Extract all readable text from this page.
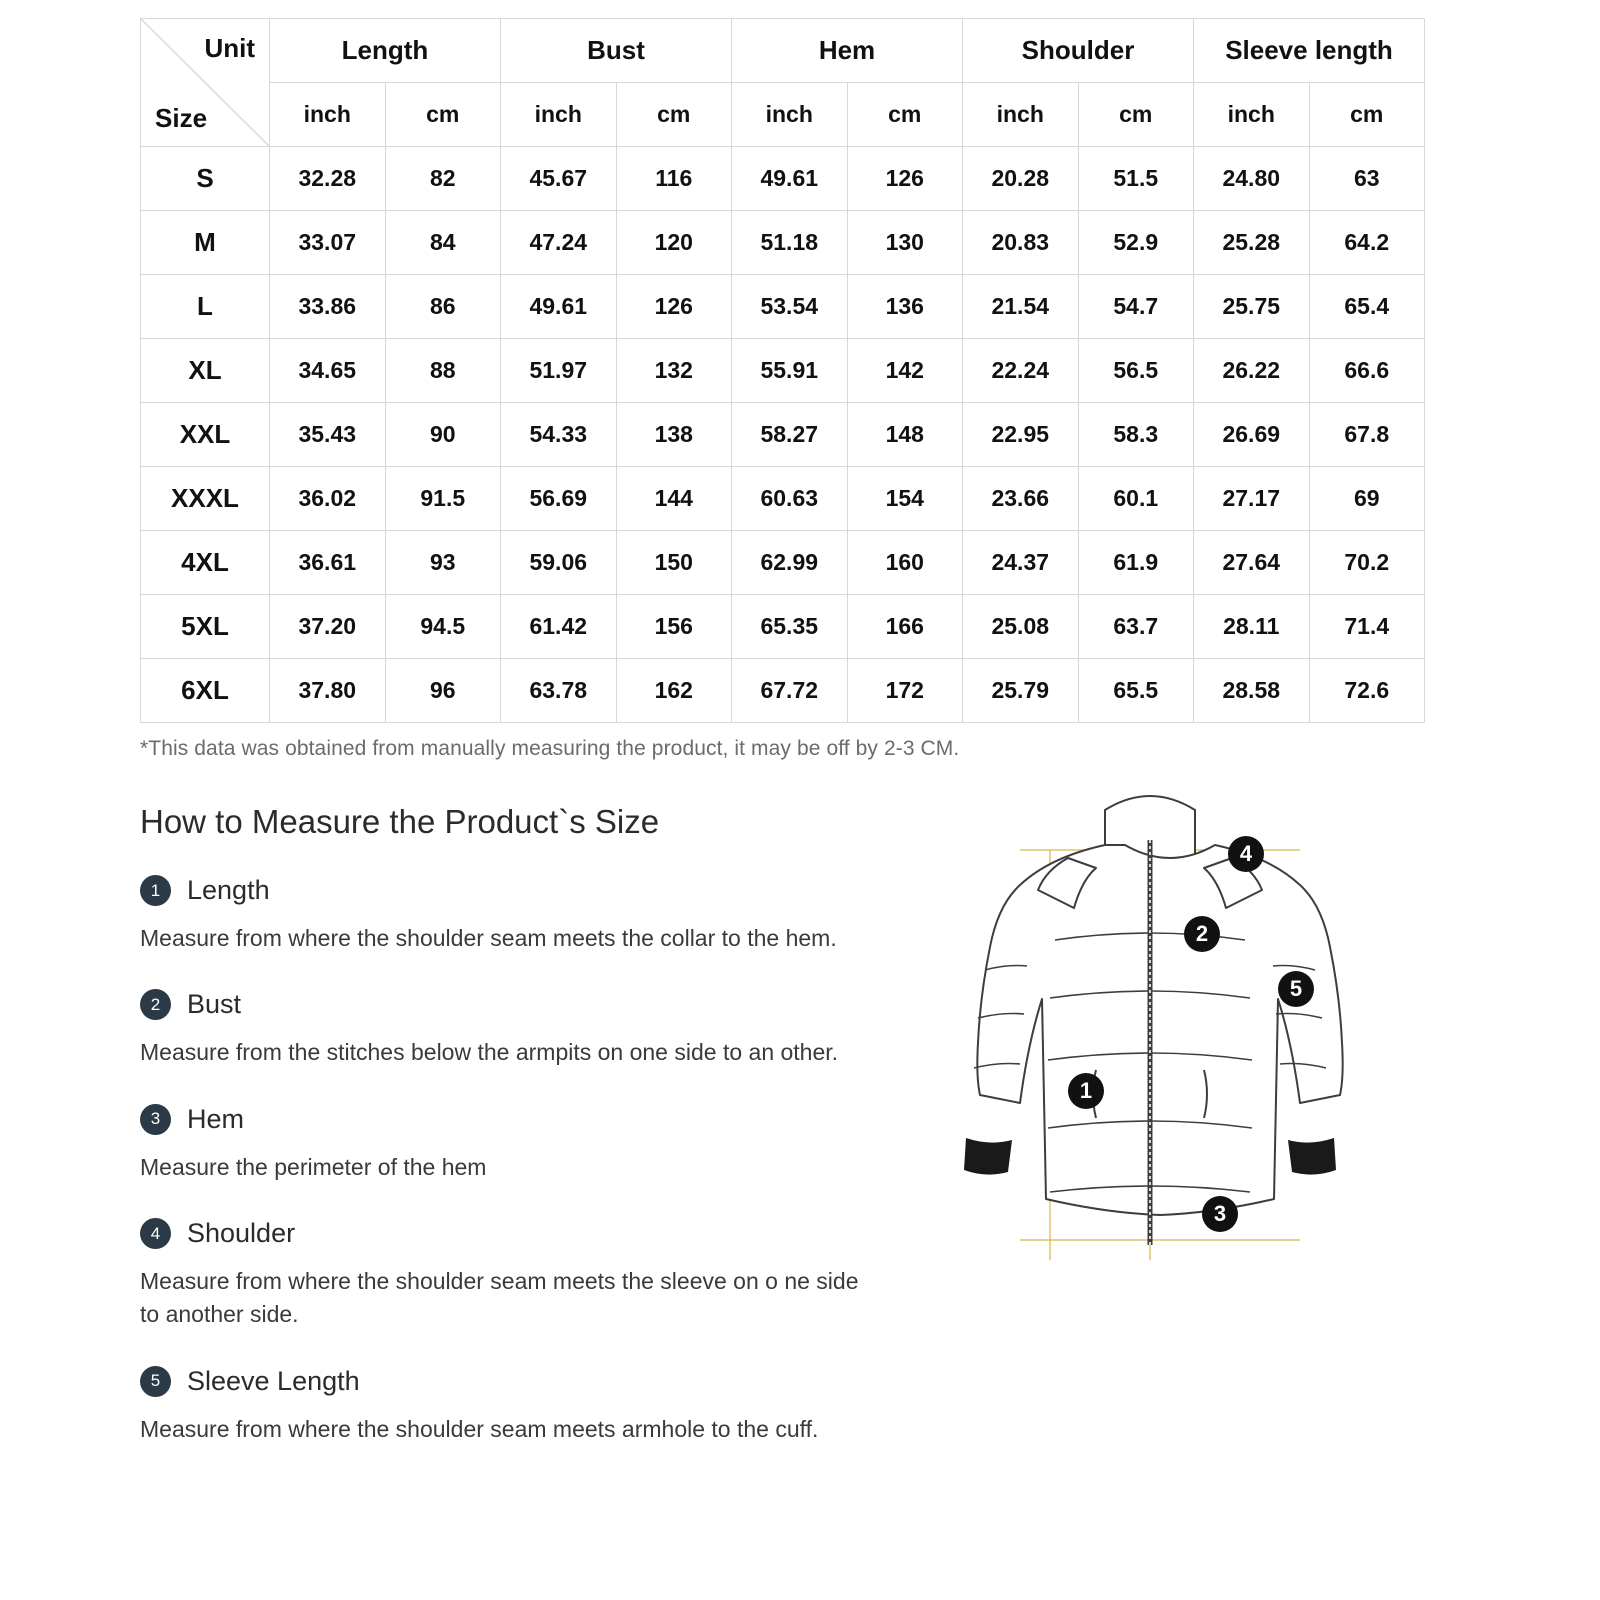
Unit
Size	Length		Bust		Hem		Shoulder		Sleeve length	
	inch	cm	inch	cm	inch	cm	inch	cm	inch	cm
S	32.28	82	45.67	116	49.61	126	20.28	51.5	24.80	63
M	33.07	84	47.24	120	51.18	130	20.83	52.9	25.28	64.2
L	33.86	86	49.61	126	53.54	136	21.54	54.7	25.75	65.4
XL	34.65	88	51.97	132	55.91	142	22.24	56.5	26.22	66.6
XXL	35.43	90	54.33	138	58.27	148	22.95	58.3	26.69	67.8
XXXL	36.02	91.5	56.69	144	60.63	154	23.66	60.1	27.17	69
4XL	36.61	93	59.06	150	62.99	160	24.37	61.9	27.64	70.2
5XL	37.20	94.5	61.42	156	65.35	166	25.08	63.7	28.11	71.4
6XL	37.80	96	63.78	162	67.72	172	25.79	65.5	28.58	72.6
*This data was obtained from manually measuring the product, it may be off by 2-3 CM.
How to Measure the Product`s Size
1 Length
Measure from where the shoulder seam meets the collar to the hem.
2 Bust
Measure from the stitches below the armpits on one side to an other.
3 Hem
Measure the perimeter of the hem
4 Shoulder
Measure from where the shoulder seam meets the sleeve on o ne side to another side.
5 Sleeve Length
Measure from where the shoulder seam meets armhole to the cuff.
1
2
3
4
5
